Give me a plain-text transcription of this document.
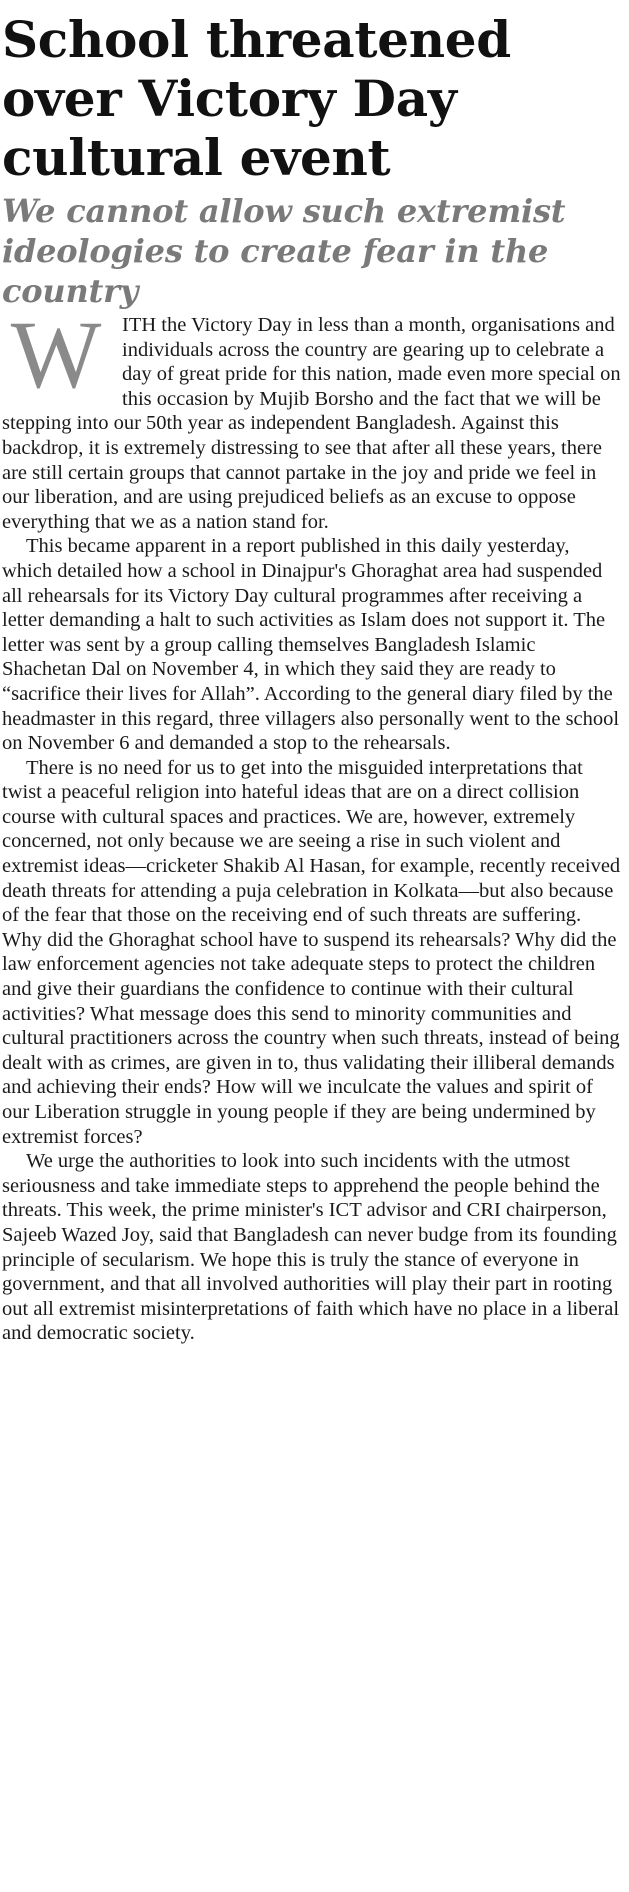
School threatened over Victory Day cultural event
We cannot allow such extremist ideologies to create fear in the country

W	ITH the Victory Day in less than a month, organisations and individuals across the country are gearing up to celebrate a day of great pride for this nation, made even more special on this occasion by Mujib Borsho and the fact that we will be stepping into our 50th year as independent Bangladesh. Against this backdrop, it is extremely distressing to see that after all these years, there are still certain groups that cannot partake in the joy and pride we feel in our liberation, and are using prejudiced beliefs as an excuse to oppose everything that we as a nation stand for.

This became apparent in a report published in this daily yesterday, which detailed how a school in Dinajpur's Ghoraghat area had suspended all rehearsals for its Victory Day cultural programmes after receiving a letter demanding a halt to such activities as Islam does not support it. The letter was sent by a group calling themselves Bangladesh Islamic Shachetan Dal on November 4, in which they said they are ready to “sacrifice their lives for Allah”. According to the general diary filed by the headmaster in this regard, three villagers also personally went to the school on November 6 and demanded a stop to the rehearsals.

There is no need for us to get into the misguided interpretations that twist a peaceful religion into hateful ideas that are on a direct collision course with cultural spaces and practices. We are, however, extremely concerned, not only because we are seeing a rise in such violent and extremist ideas—cricketer Shakib Al Hasan, for example, recently received death threats for attending a puja celebration in Kolkata—but also because of the fear that those on the receiving end of such threats are suffering. Why did the Ghoraghat school have to suspend its rehearsals? Why did the law enforcement agencies not take adequate steps to protect the children and give their guardians the confidence to continue with their cultural activities? What message does this send to minority communities and cultural practitioners across the country when such threats, instead of being dealt with as crimes, are given in to, thus validating their illiberal demands and achieving their ends? How will we inculcate the values and spirit of our Liberation struggle in young people if they are being undermined by extremist forces?

We urge the authorities to look into such incidents with the utmost seriousness and take immediate steps to apprehend the people behind the threats. This week, the prime minister's ICT advisor and CRI chairperson, Sajeeb Wazed Joy, said that Bangladesh can never budge from its founding principle of secularism. We hope this is truly the stance of everyone in government, and that all involved authorities will play their part in rooting out all extremist misinterpretations of faith which have no place in a liberal and democratic society.
